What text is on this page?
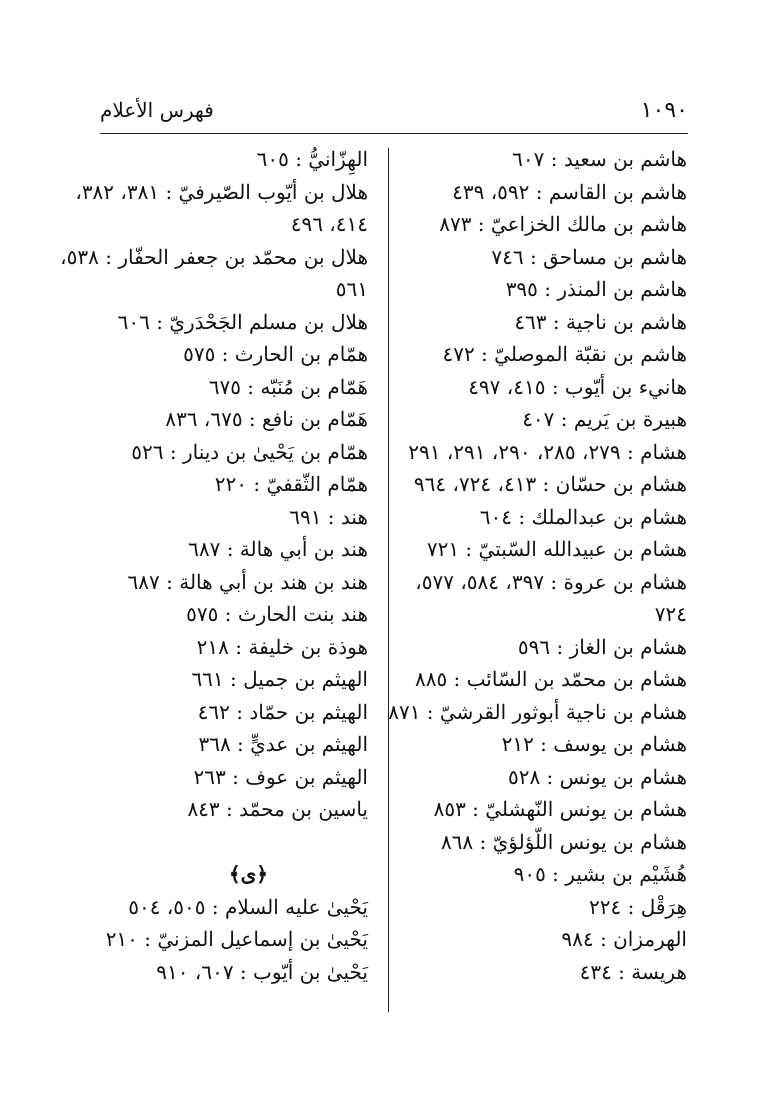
١٠٩٠
فهرس الأعلام
هاشم بن سعيد : ٦٠٧
هاشم بن القاسم : ٥٩٢، ٤٣٩
هاشم بن مالك الخزاعيّ : ٨٧٣
هاشم بن مساحق : ٧٤٦
هاشم بن المنذر : ٣٩٥
هاشم بن ناجية : ٤٦٣
هاشم بن نقبّة الموصليّ : ٤٧٢
هانيء بن أيّوب : ٤١٥، ٤٩٧
هبيرة بن يَريم : ٤٠٧
هشام : ٢٧٩، ٢٨٥، ٢٩٠، ٢٩١، ٢٩١
هشام بن حسّان : ٤١٣، ٧٢٤، ٩٦٤
هشام بن عبدالملك : ٦٠٤
هشام بن عبيدالله السّبتيّ : ٧٢١
هشام بن عروة : ٣٩٧، ٥٨٤، ٥٧٧،
٧٢٤
هشام بن الغاز : ٥٩٦
هشام بن محمّد بن السّائب : ٨٨٥
هشام بن ناجية أبوثور القرشيّ : ٨٧١
هشام بن يوسف : ٢١٢
هشام بن يونس : ٥٢٨
هشام بن يونس النّهشليّ : ٨٥٣
هشام بن يونس اللّؤلؤيّ : ٨٦٨
هُشَيْم بن بشير : ٩٠٥
هِرَقْل : ٢٢٤
الهرمزان : ٩٨٤
هريسة : ٤٣٤
الهِزّانيُّ : ٦٠٥
هلال بن أيّوب الصّيرفيّ : ٣٨١، ٣٨٢،
٤١٤، ٤٩٦
هلال بن محمّد بن جعفر الحفّار : ٥٣٨،
٥٦١
هلال بن مسلم الجَحْدَريّ : ٦٠٦
همّام بن الحارث : ٥٧٥
هَمّام بن مُنَبّه : ٦٧٥
هَمّام بن نافع : ٦٧٥، ٨٣٦
همّام بن يَحْيىٰ بن دينار : ٥٢٦
همّام الثّقفيّ : ٢٢٠
هند : ٦٩١
هند بن أبي هالة : ٦٨٧
هند بن هند بن أبي هالة : ٦٨٧
هند بنت الحارث : ٥٧٥
هوذة بن خليفة : ٢١٨
الهيثم بن جميل : ٦٦١
الهيثم بن حمّاد : ٤٦٢
الهيثم بن عديٍّ : ٣٦٨
الهيثم بن عوف : ٢٦٣
ياسين بن محمّد : ٨٤٣
﴿ى﴾
يَحْيىٰ عليه السلام : ٥٠٥، ٥٠٤
يَحْيىٰ بن إسماعيل المزنيّ : ٢١٠
يَحْيىٰ بن أيّوب : ٦٠٧، ٩١٠
